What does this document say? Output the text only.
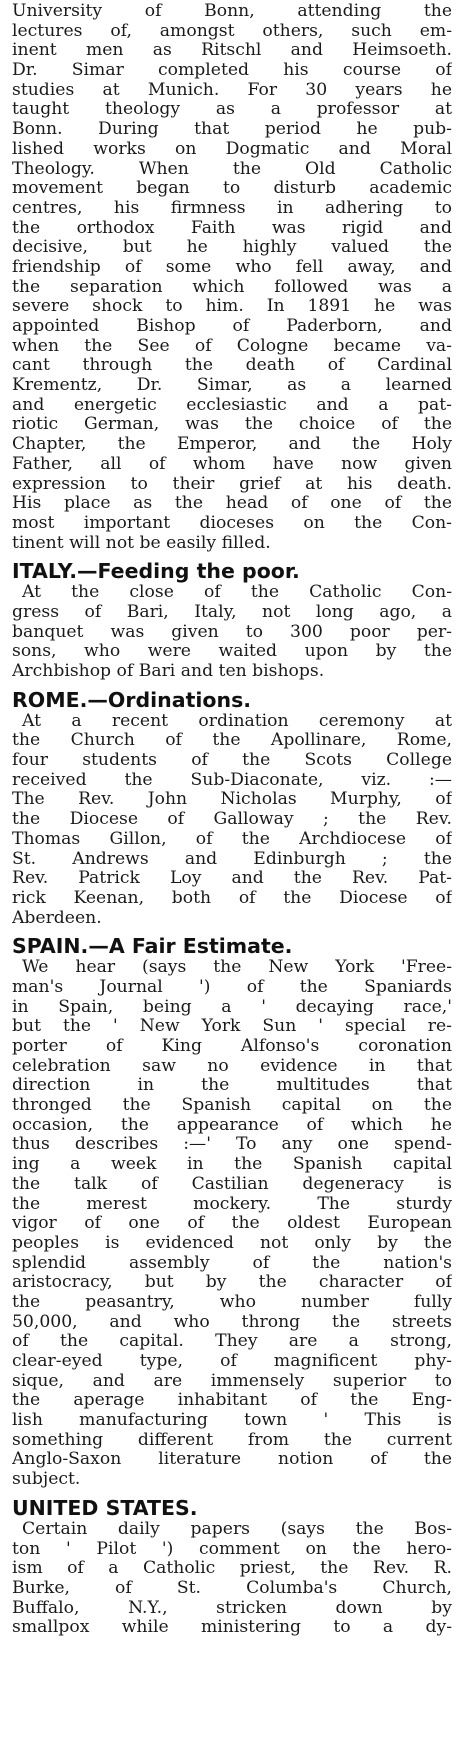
University of Bonn, attending the
lectures of, amongst others, such em-
inent men as Ritschl and Heimsoeth.
Dr. Simar completed his course of
studies at Munich. For 30 years he
taught theology as a professor at
Bonn. During that period he pub-
lished works on Dogmatic and Moral
Theology. When the Old Catholic
movement began to disturb academic
centres, his firmness in adhering to
the orthodox Faith was rigid and
decisive, but he highly valued the
friendship of some who fell away, and
the separation which followed was a
severe shock to him. In 1891 he was
appointed Bishop of Paderborn, and
when the See of Cologne became va-
cant through the death of Cardinal
Krementz, Dr. Simar, as a learned
and energetic ecclesiastic and a pat-
riotic German, was the choice of the
Chapter, the Emperor, and the Holy
Father, all of whom have now given
expression to their grief at his death.
His place as the head of one of the
most important dioceses on the Con-
tinent will not be easily filled.
ITALY.—Feeding the poor.
At the close of the Catholic Con-
gress of Bari, Italy, not long ago, a
banquet was given to 300 poor per-
sons, who were waited upon by the
Archbishop of Bari and ten bishops.
ROME.—Ordinations.
At a recent ordination ceremony at
the Church of the Apollinare, Rome,
four students of the Scots College
received the Sub-Diaconate, viz. :—
The Rev. John Nicholas Murphy, of
the Diocese of Galloway ; the Rev.
Thomas Gillon, of the Archdiocese of
St. Andrews and Edinburgh ; the
Rev. Patrick Loy and the Rev. Pat-
rick Keenan, both of the Diocese of
Aberdeen.
SPAIN.—A Fair Estimate.
We hear (says the New York 'Free-
man's Journal ') of the Spaniards
in Spain, being a ' decaying race,'
but the ' New York Sun ' special re-
porter of King Alfonso's coronation
celebration saw no evidence in that
direction in the multitudes that
thronged the Spanish capital on the
occasion, the appearance of which he
thus describes :—' To any one spend-
ing a week in the Spanish capital
the talk of Castilian degeneracy is
the merest mockery. The sturdy
vigor of one of the oldest European
peoples is evidenced not only by the
splendid assembly of the nation's
aristocracy, but by the character of
the peasantry, who number fully
50,000, and who throng the streets
of the capital. They are a strong,
clear-eyed type, of magnificent phy-
sique, and are immensely superior to
the aperage inhabitant of the Eng-
lish manufacturing town ' This is
something different from the current
Anglo-Saxon literature notion of the
subject.
UNITED STATES.
Certain daily papers (says the Bos-
ton ' Pilot ') comment on the hero-
ism of a Catholic priest, the Rev. R.
Burke, of St. Columba's Church,
Buffalo, N.Y., stricken down by
smallpox while ministering to a dy-
